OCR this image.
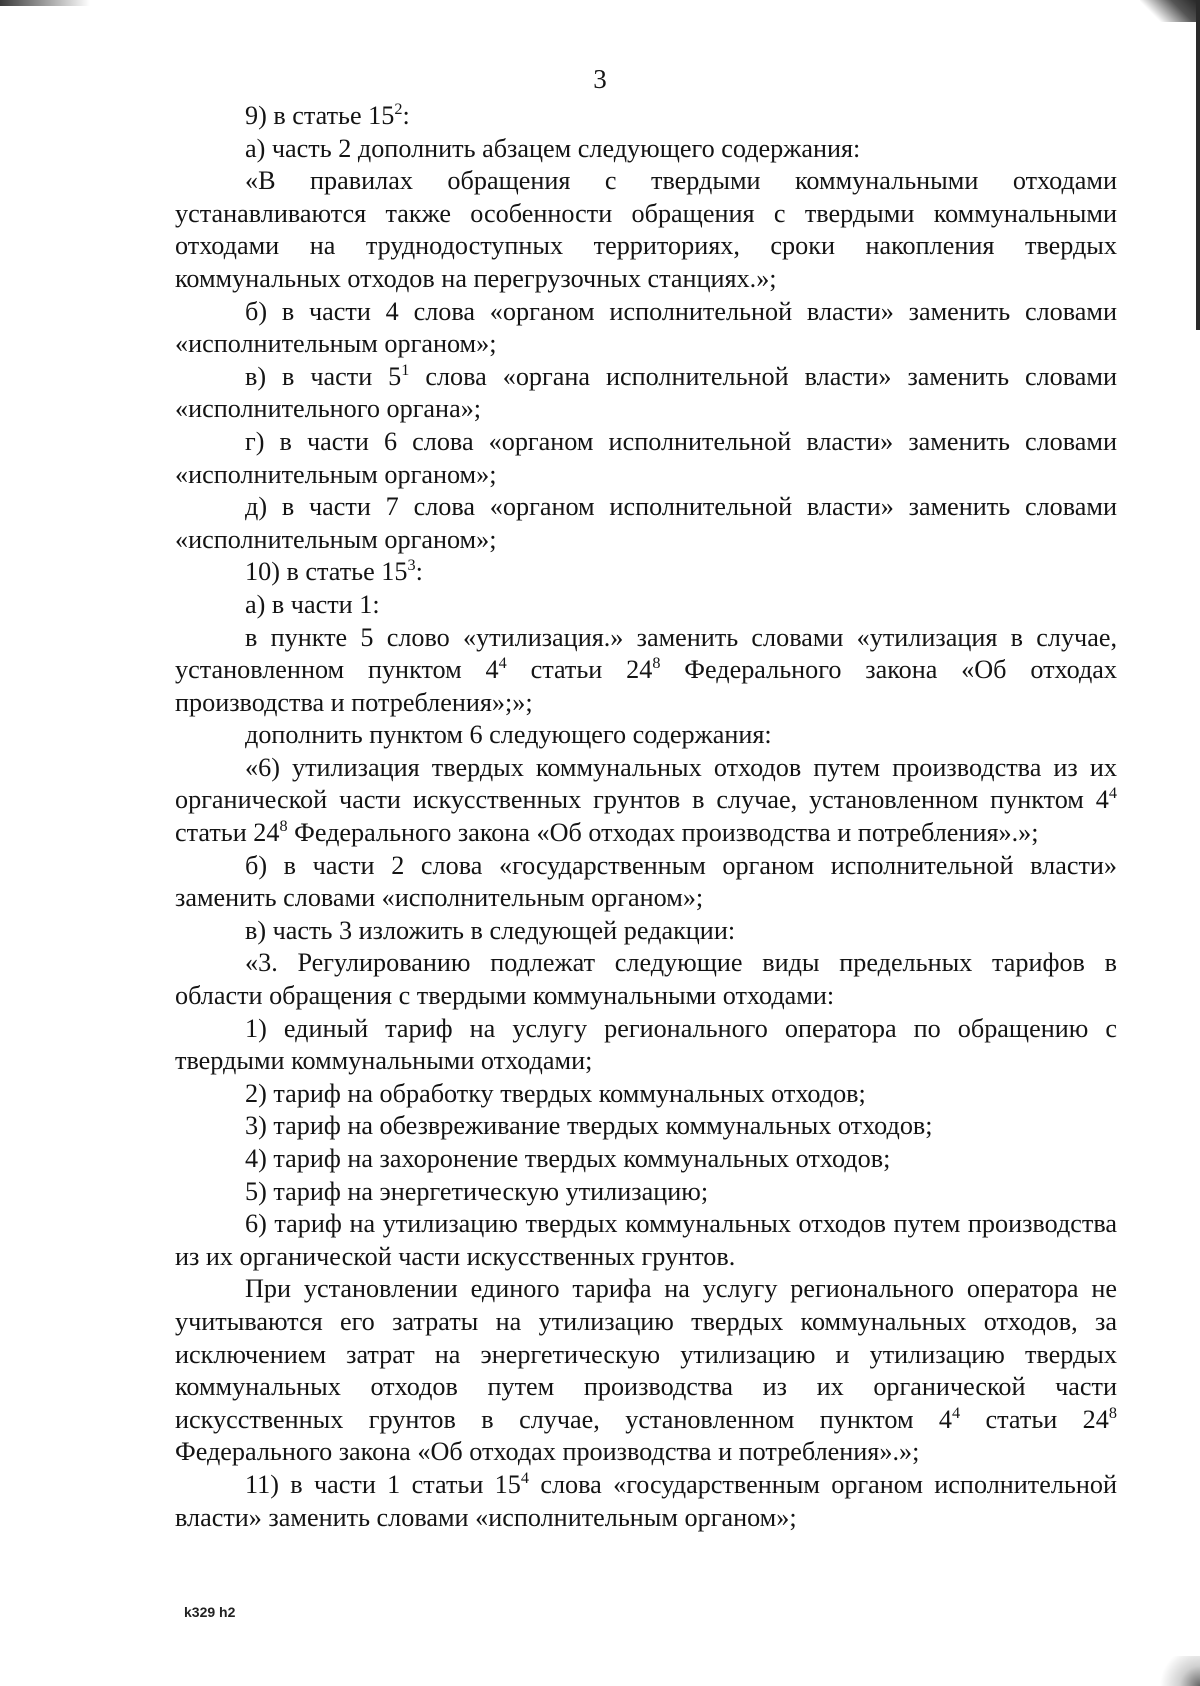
3

9) в статье $15^2$:

а) часть 2 дополнить абзацем следующего содержания:

«В правилах обращения с твердыми коммунальными отходами устанавливаются также особенности обращения с твердыми коммунальными отходами на труднодоступных территориях, сроки накопления твердых коммунальных отходов на перегрузочных станциях.»;

б) в части 4 слова «органом исполнительной власти» заменить словами «исполнительным органом»;

в) в части $5^1$ слова «органа исполнительной власти» заменить словами «исполнительного органа»;

г) в части 6 слова «органом исполнительной власти» заменить словами «исполнительным органом»;

д) в части 7 слова «органом исполнительной власти» заменить словами «исполнительным органом»;

10) в статье $15^3$:

а) в части 1:

в пункте 5 слово «утилизация.» заменить словами «утилизация в случае, установленном пунктом $4^4$ статьи $24^8$ Федерального закона «Об отходах производства и потребления»;»;

дополнить пунктом 6 следующего содержания:

«6) утилизация твердых коммунальных отходов путем производства из их органической части искусственных грунтов в случае, установленном пунктом $4^4$ статьи $24^8$ Федерального закона «Об отходах производства и потребления».»;

б) в части 2 слова «государственным органом исполнительной власти» заменить словами «исполнительным органом»;

в) часть 3 изложить в следующей редакции:

«3. Регулированию подлежат следующие виды предельных тарифов в области обращения с твердыми коммунальными отходами:

1) единый тариф на услугу регионального оператора по обращению с твердыми коммунальными отходами;

2) тариф на обработку твердых коммунальных отходов;

3) тариф на обезвреживание твердых коммунальных отходов;

4) тариф на захоронение твердых коммунальных отходов;

5) тариф на энергетическую утилизацию;

6) тариф на утилизацию твердых коммунальных отходов путем производства из их органической части искусственных грунтов.

При установлении единого тарифа на услугу регионального оператора не учитываются его затраты на утилизацию твердых коммунальных отходов, за исключением затрат на энергетическую утилизацию и утилизацию твердых коммунальных отходов путем производства из их органической части искусственных грунтов в случае, установленном пунктом $4^4$ статьи $24^8$ Федерального закона «Об отходах производства и потребления».»;

11) в части 1 статьи $15^4$ слова «государственным органом исполнительной власти» заменить словами «исполнительным органом»;

k329 h2
